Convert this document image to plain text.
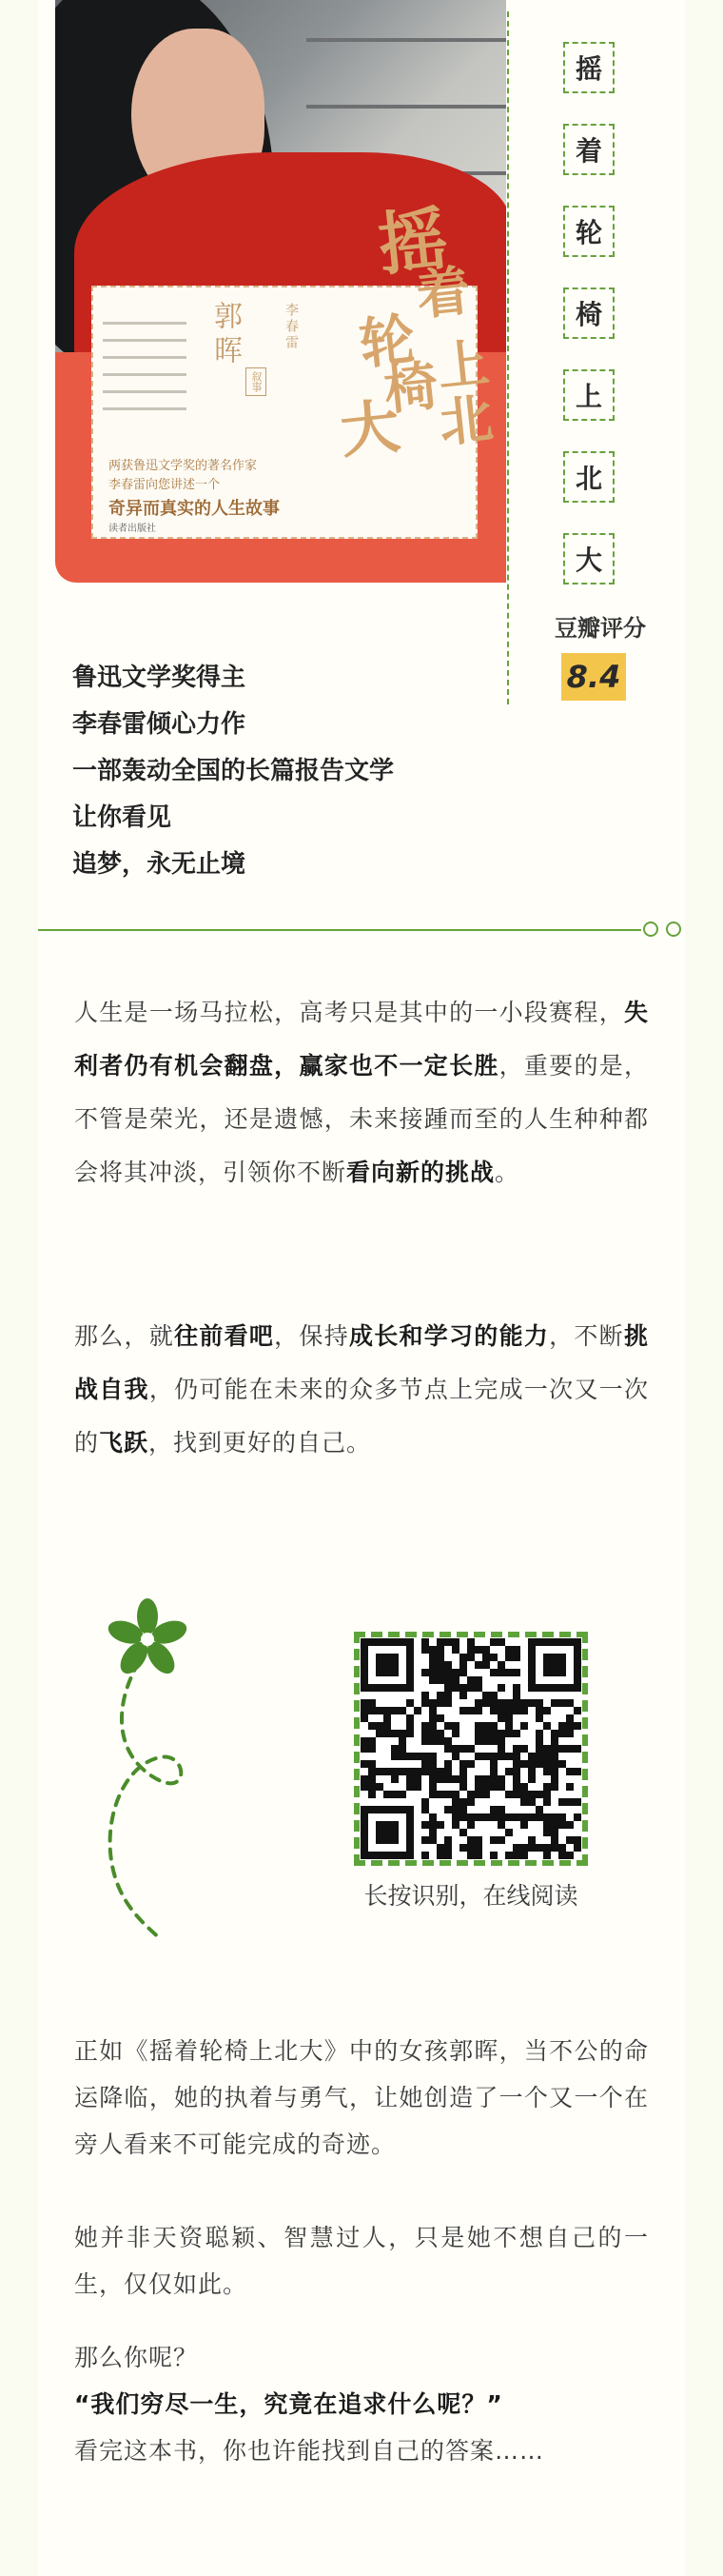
郭晖
叙事
李春雷
两获鲁迅文学奖的著名作家
李春雷向您讲述一个
奇异而真实的人生故事
读者出版社
摇
着
轮
椅
上
北
大
摇
着
轮
椅
上
北
大
豆瓣评分
8.4
鲁迅文学奖得主
李春雷倾心力作
一部轰动全国的长篇报告文学
让你看见
追梦，永无止境
人生是一场马拉松，高考只是其中的一小段赛程，失利者仍有机会翻盘，赢家也不一定长胜，重要的是，不管是荣光，还是遗憾，未来接踵而至的人生种种都会将其冲淡，引领你不断看向新的挑战。
那么，就往前看吧，保持成长和学习的能力，不断挑战自我，仍可能在未来的众多节点上完成一次又一次的飞跃，找到更好的自己。
长按识别，在线阅读
正如《摇着轮椅上北大》中的女孩郭晖，当不公的命运降临，她的执着与勇气，让她创造了一个又一个在旁人看来不可能完成的奇迹。
她并非天资聪颖、智慧过人，只是她不想自己的一生，仅仅如此。
那么你呢？
“我们穷尽一生，究竟在追求什么呢？”
看完这本书，你也许能找到自己的答案……
